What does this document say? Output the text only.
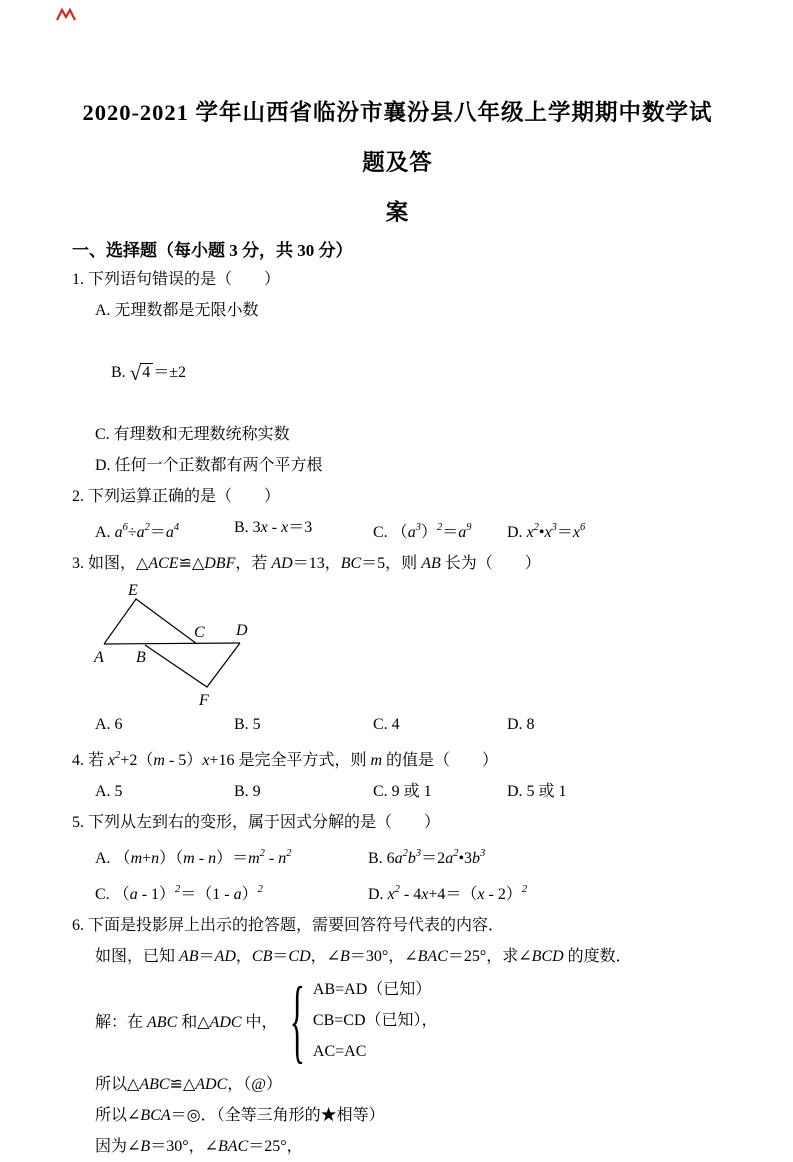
2020-2021 学年山西省临汾市襄汾县八年级上学期期中数学试题及答
案
一、选择题（每小题 3 分，共 30 分）
1. 下列语句错误的是（　　）
A. 无理数都是无限小数

B. √4 ＝±2

C. 有理数和无理数统称实数
D. 任何一个正数都有两个平方根
2. 下列运算正确的是（　　）
A. $a^6\div a^2=a^4$	B. 3x - x＝3	C. $(a^3)^2=a^9$	D. $x^2•x^3=x^6$
3. 如图，△ACE≌△DBF，若 AD＝13，BC＝5，则 AB 长为（　　）
E
A B
C D
F
A. 6	B. 5	C. 4	D. 8
4. 若 $x^2+2(m - 5)x+16$ 是完全平方式，则 m 的值是（　　）
A. 5	B. 9	C. 9 或 1	D. 5 或 1
5. 下列从左到右的变形，属于因式分解的是（　　）
A. $(m+n)(m - n)=m^2 - n^2$	B. $6a^2b^3=2a^2•3b^3$
C. （a - 1）$^2$＝（1 - a）$^2$	D. $x^2 - 4x+4=(x - 2)^2$
6. 下面是投影屏上出示的抢答题，需要回答符号代表的内容．
如图，已知 AB＝AD，CB＝CD，∠B＝30°，∠BAC＝25°，求∠BCD 的度数．
解：在 ABC 和△ADC 中， { AB=AD（已知）
CB=CD（已知），
AC=AC
所以△ABC≌△ADC，（@）
所以∠BCA＝◎．（全等三角形的★相等）
因为∠B＝30°，∠BAC＝25°，
